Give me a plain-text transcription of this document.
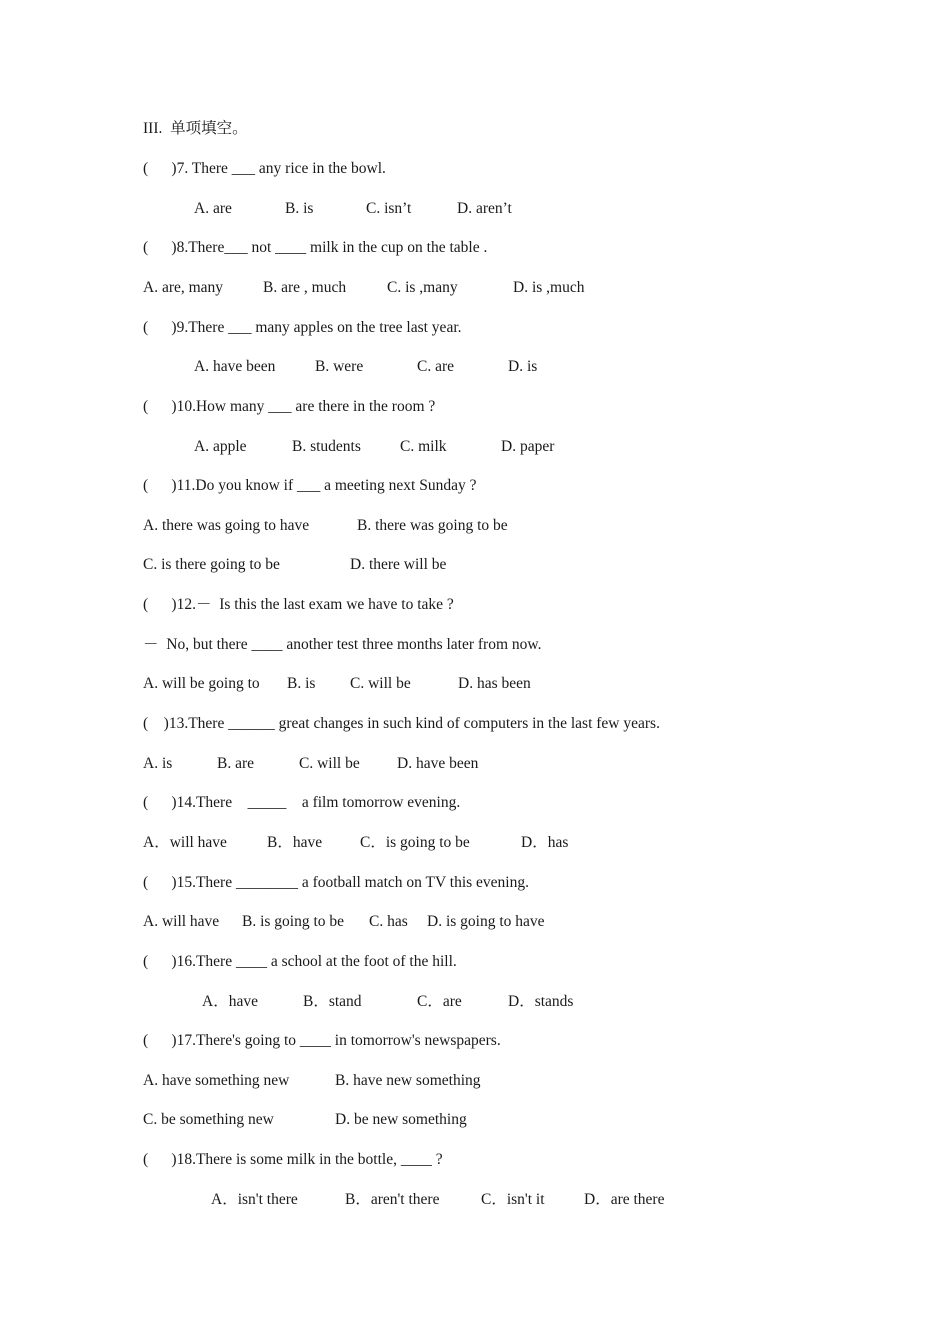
III.  单项填空。
(      )7. There ___ any rice in the bowl.
A. are	B. is	C. isn’t	D. aren’t
(      )8.There___ not ____ milk in the cup on the table .
A. are, many	B. are , much	C. is ,many	D. is ,much
(      )9.There ___ many apples on the tree last year.
A. have been	B. were	C. are	D. is
(      )10.How many ___ are there in the room ?
A. apple	B. students	C. milk	D. paper
(      )11.Do you know if ___ a meeting next Sunday ?
A. there was going to have	B. there was going to be
C. is there going to be	D. there will be
(      )12.－  Is this the last exam we have to take ?
－  No, but there ____ another test three months later from now.
A. will be going to B. is C. will be	D. has been
(    )13.There ______ great changes in such kind of computers in the last few years.
A. is	B. are	C. will be D. have been
(      )14.There    _____    a film tomorrow evening.
A．will have	B．have C．is going to be	D．has
(      )15.There ________ a football match on TV this evening.
A. will have B. is going to be C. has D. is going to have
(      )16.There ____ a school at the foot of the hill.
A．have	B．stand	C．are	D．stands
(      )17.There's going to ____ in tomorrow's newspapers.
A. have something new	B. have new something
C. be something new	D. be new something
(      )18.There is some milk in the bottle, ____ ?
A．isn't there	B．aren't there	C．isn't it	D．are there
